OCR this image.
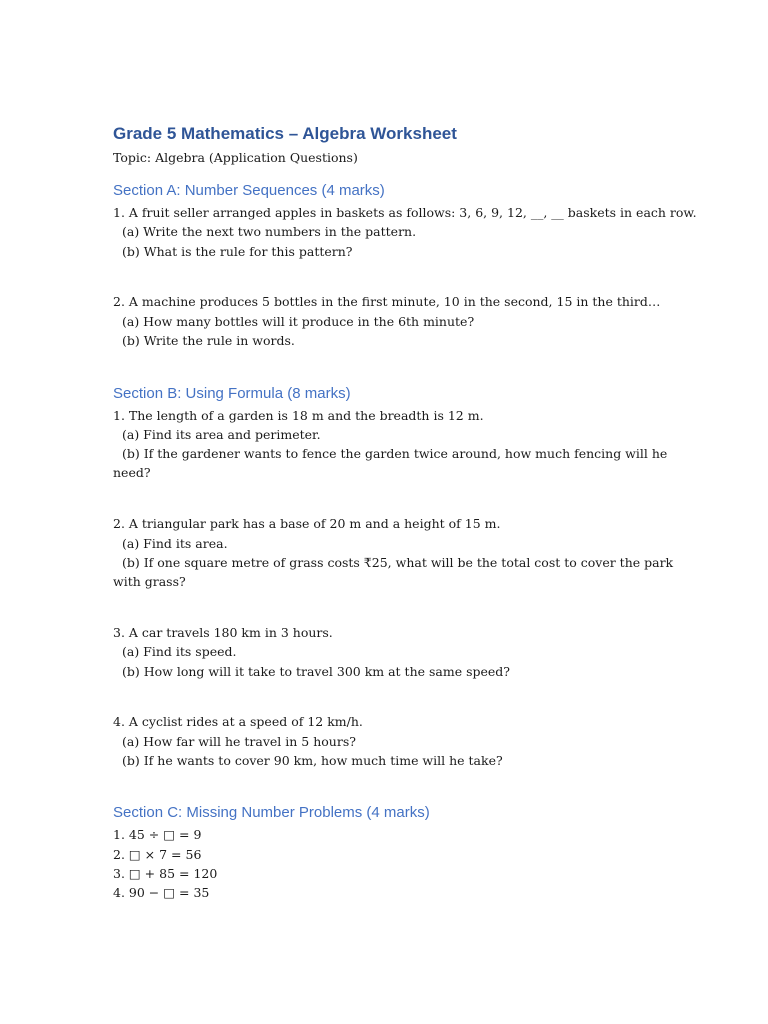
Grade 5 Mathematics – Algebra Worksheet
Topic: Algebra (Application Questions)
Section A: Number Sequences (4 marks)
1. A fruit seller arranged apples in baskets as follows: 3, 6, 9, 12, __, __ baskets in each row.
(a) Write the next two numbers in the pattern.
(b) What is the rule for this pattern?
2. A machine produces 5 bottles in the first minute, 10 in the second, 15 in the third…
(a) How many bottles will it produce in the 6th minute?
(b) Write the rule in words.
Section B: Using Formula (8 marks)
1. The length of a garden is 18 m and the breadth is 12 m.
(a) Find its area and perimeter.
(b) If the gardener wants to fence the garden twice around, how much fencing will he
need?
2. A triangular park has a base of 20 m and a height of 15 m.
(a) Find its area.
(b) If one square metre of grass costs ₹25, what will be the total cost to cover the park
with grass?
3. A car travels 180 km in 3 hours.
(a) Find its speed.
(b) How long will it take to travel 300 km at the same speed?
4. A cyclist rides at a speed of 12 km/h.
(a) How far will he travel in 5 hours?
(b) If he wants to cover 90 km, how much time will he take?
Section C: Missing Number Problems (4 marks)
1. 45 ÷ □ = 9
2. □ × 7 = 56
3. □ + 85 = 120
4. 90 − □ = 35
